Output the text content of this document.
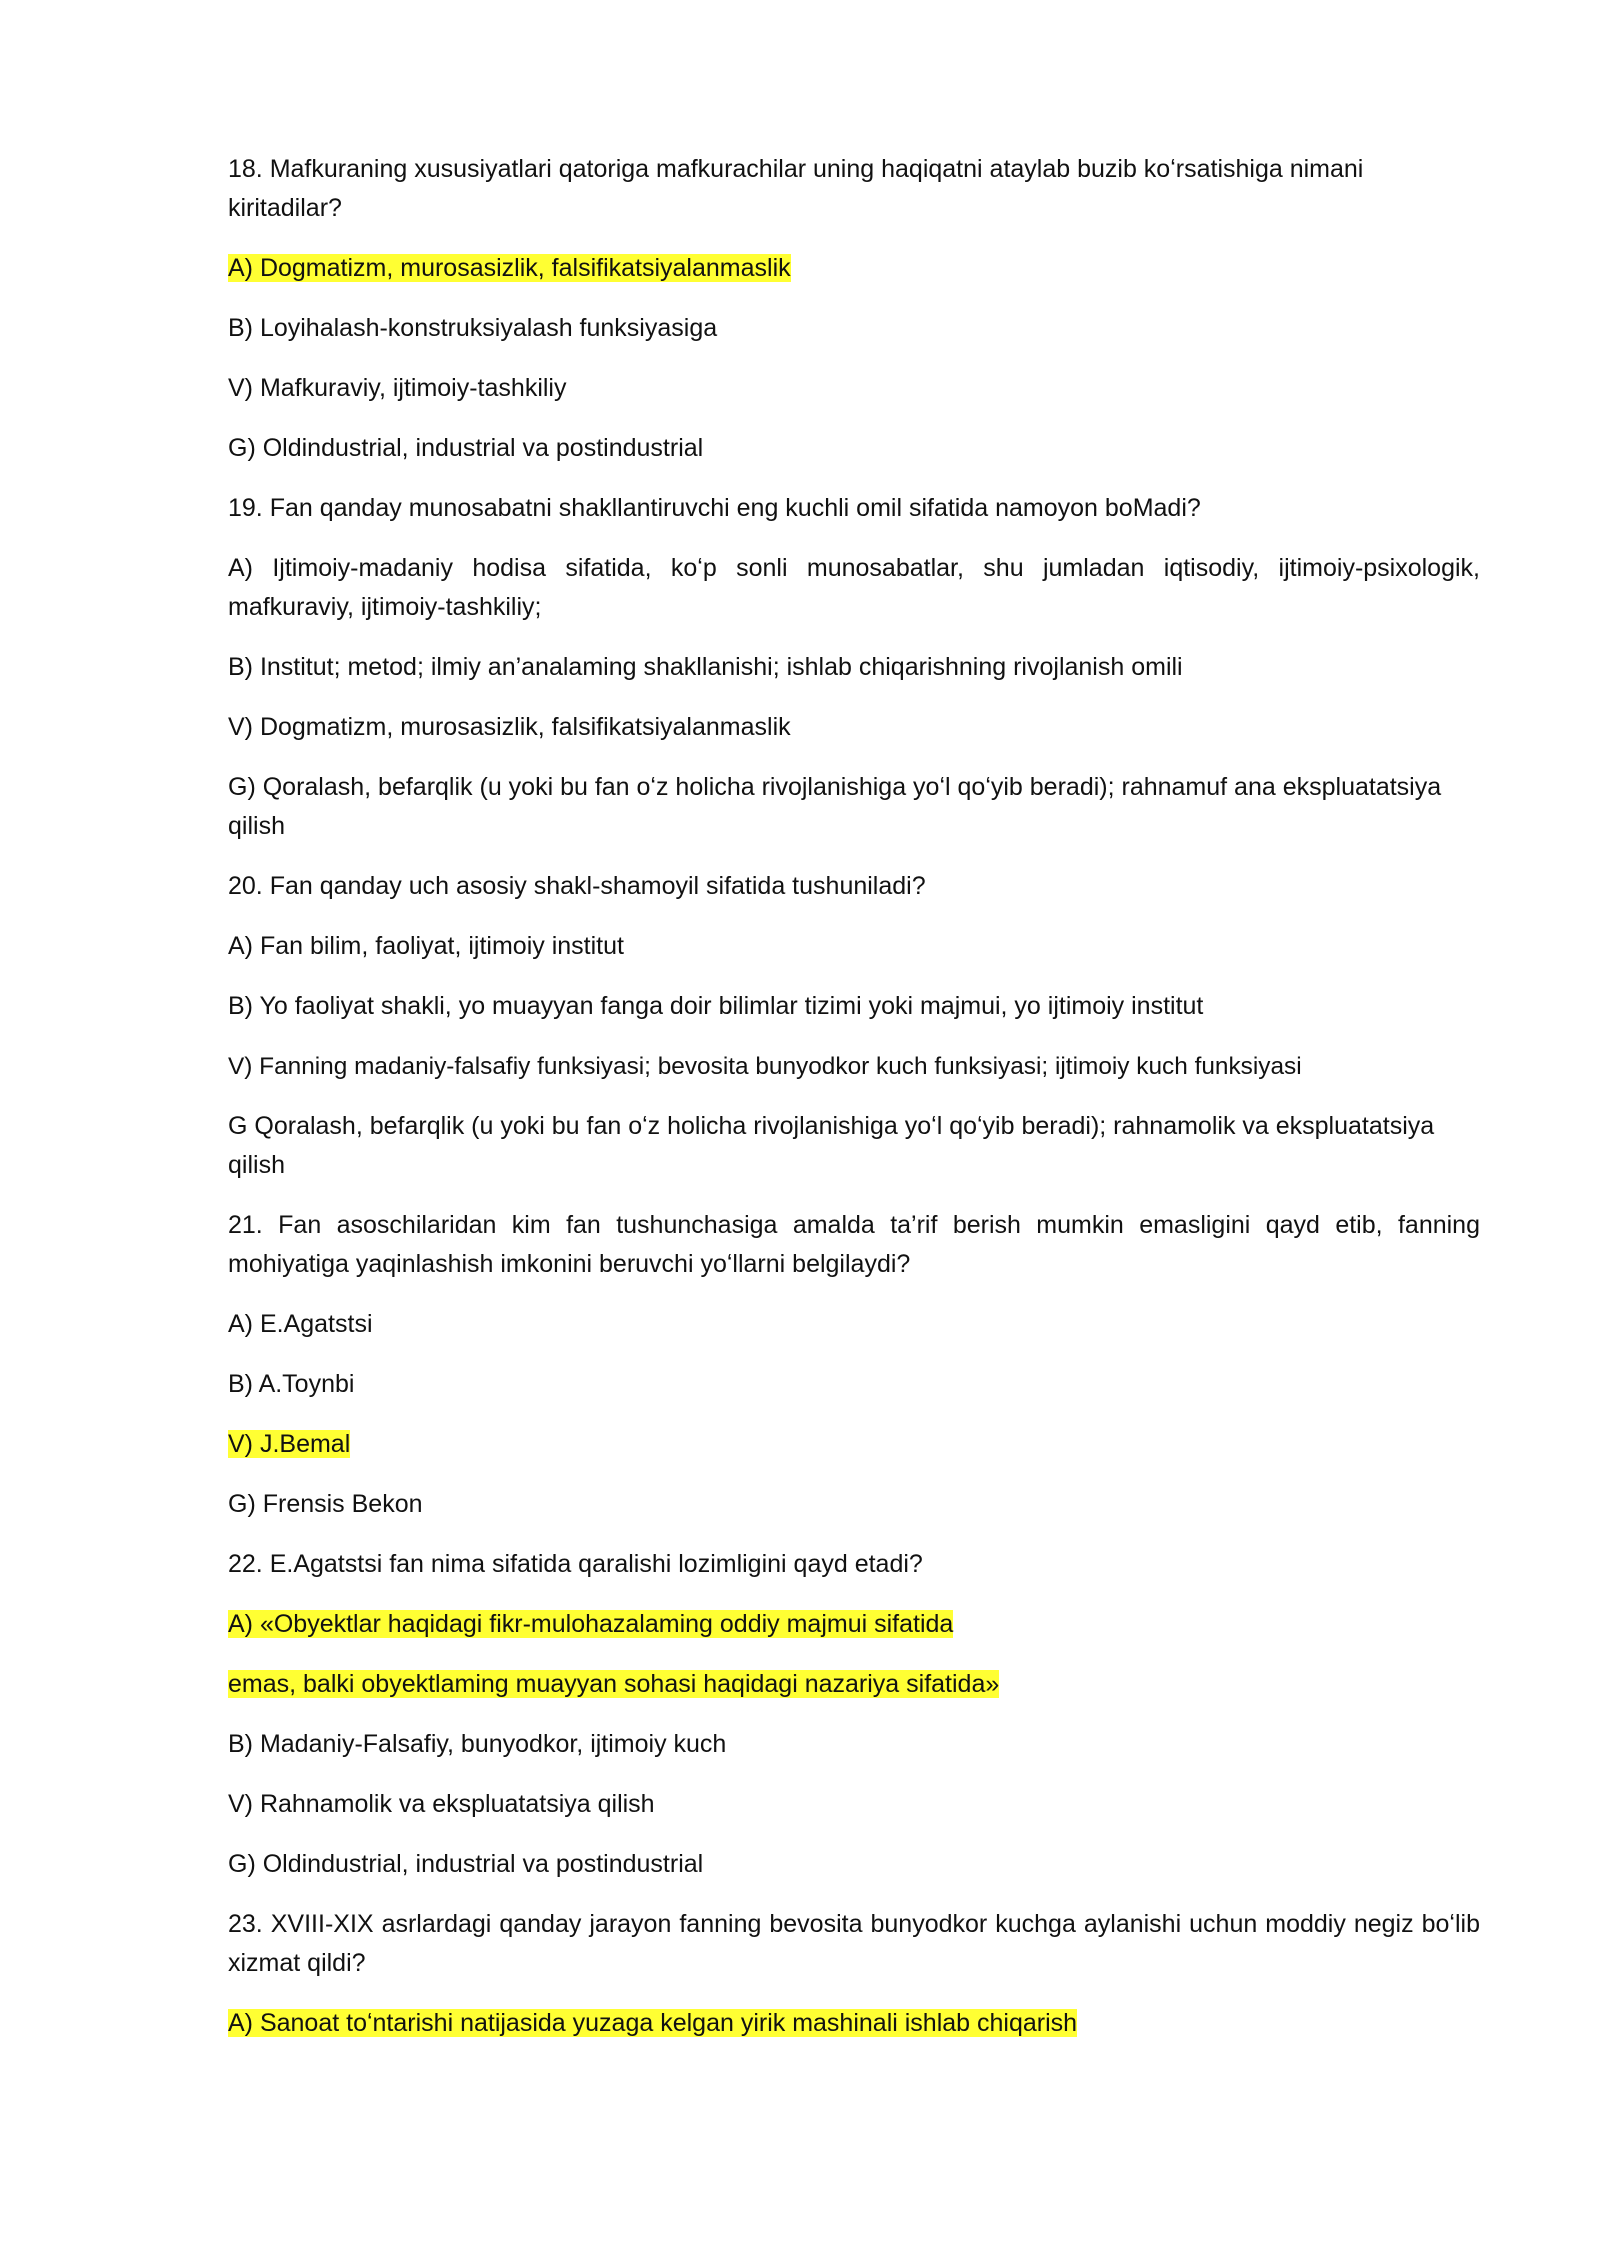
18. Mafkuraning xususiyatlari qatoriga mafkurachilar uning haqiqatni ataylab buzib koʻrsatishiga nimani kiritadilar?
A) Dogmatizm, murosasizlik, falsifikatsiyalanmaslik
B) Loyihalash-konstruksiyalash funksiyasiga
V) Mafkuraviy, ijtimoiy-tashkiliy
G) Oldindustrial, industrial va postindustrial
19. Fan qanday munosabatni shakllantiruvchi eng kuchli omil sifatida namoyon boMadi?
A) Ijtimoiy-madaniy hodisa sifatida, koʻp sonli munosabatlar, shu jumladan iqtisodiy, ijtimoiy-psixologik, mafkuraviy, ijtimoiy-tashkiliy;
B) Institut; metod; ilmiy an’analaming shakllanishi; ishlab chiqarishning rivojlanish omili
V) Dogmatizm, murosasizlik, falsifikatsiyalanmaslik
G) Qoralash, befarqlik (u yoki bu fan oʻz holicha rivojlanishiga yoʻl qoʻyib beradi); rahnamuf ana ekspluatatsiya qilish
20. Fan qanday uch asosiy shakl-shamoyil sifatida tushuniladi?
A) Fan bilim, faoliyat, ijtimoiy institut
B) Yo faoliyat shakli, yo muayyan fanga doir bilimlar tizimi yoki majmui, yo ijtimoiy institut
V) Fanning madaniy-falsafiy funksiyasi; bevosita bunyodkor kuch funksiyasi; ijtimoiy kuch funksiyasi
G Qoralash, befarqlik (u yoki bu fan oʻz holicha rivojlanishiga yoʻl qoʻyib beradi); rahnamolik va ekspluatatsiya qilish
21. Fan asoschilaridan kim fan tushunchasiga amalda ta’rif berish mumkin emasligini qayd etib, fanning mohiyatiga yaqinlashish imkonini beruvchi yoʻllarni belgilaydi?
A) E.Agatstsi
B) A.Toynbi
V) J.Bemal
G) Frensis Bekon
22. E.Agatstsi fan nima sifatida qaralishi lozimligini qayd etadi?
A) «Obyektlar haqidagi fikr-mulohazalaming oddiy majmui sifatida
emas, balki obyektlaming muayyan sohasi haqidagi nazariya sifatida»
B) Madaniy-Falsafiy, bunyodkor, ijtimoiy kuch
V) Rahnamolik va ekspluatatsiya qilish
G) Oldindustrial, industrial va postindustrial
23. XVIII-XIX asrlardagi qanday jarayon fanning bevosita bunyodkor kuchga aylanishi uchun moddiy negiz boʻlib xizmat qildi?
A) Sanoat toʻntarishi natijasida yuzaga kelgan yirik mashinali ishlab chiqarish
